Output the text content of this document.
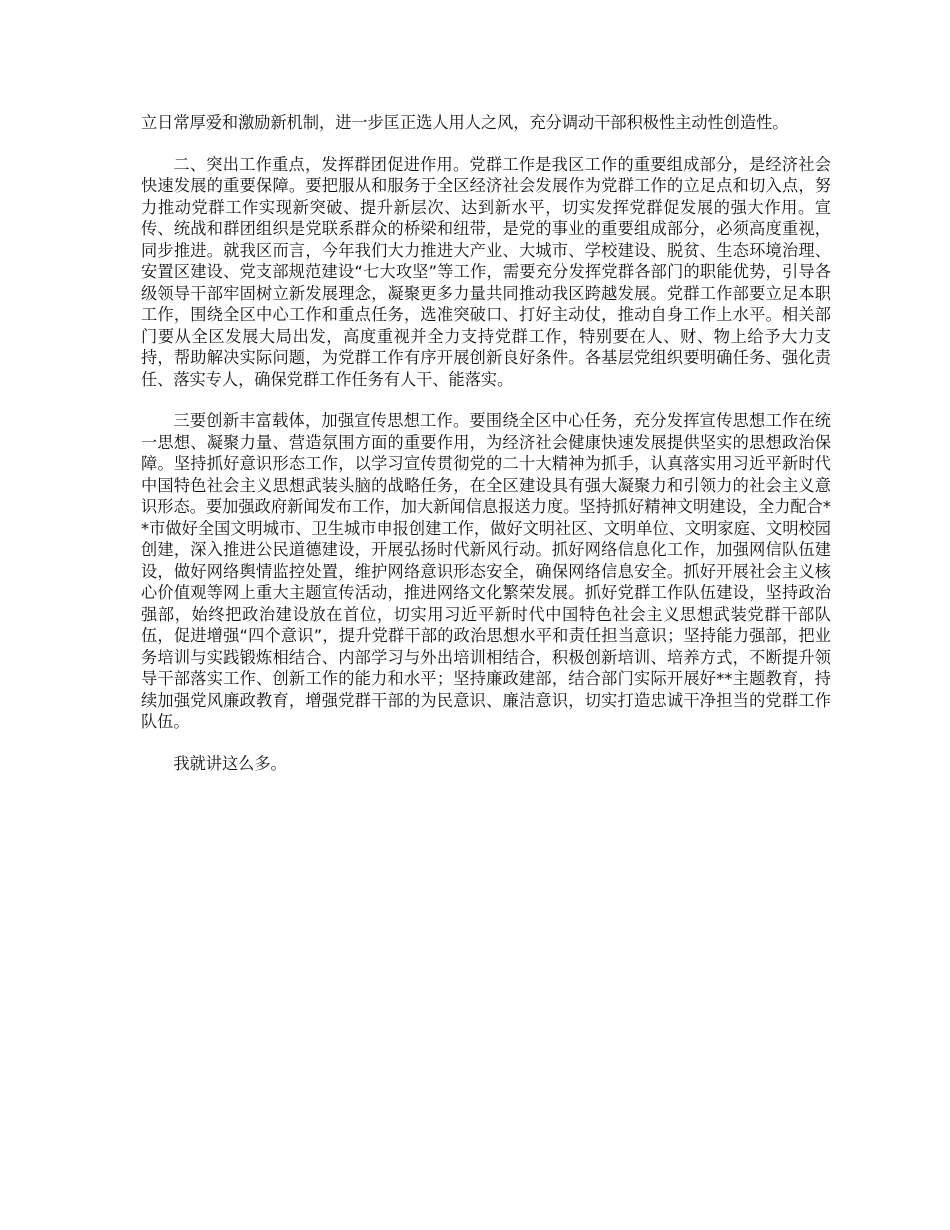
立日常厚爱和激励新机制，进一步匡正选人用人之风，充分调动干部积极性主动性创造性。

二、突出工作重点，发挥群团促进作用。党群工作是我区工作的重要组成部分，是经济社会快速发展的重要保障。要把服从和服务于全区经济社会发展作为党群工作的立足点和切入点，努力推动党群工作实现新突破、提升新层次、达到新水平，切实发挥党群促发展的强大作用。宣传、统战和群团组织是党联系群众的桥梁和纽带，是党的事业的重要组成部分，必须高度重视，同步推进。就我区而言，今年我们大力推进大产业、大城市、学校建设、脱贫、生态环境治理、安置区建设、党支部规范建设“七大攻坚”等工作，需要充分发挥党群各部门的职能优势，引导各级领导干部牢固树立新发展理念，凝聚更多力量共同推动我区跨越发展。党群工作部要立足本职工作，围绕全区中心工作和重点任务，选准突破口、打好主动仗，推动自身工作上水平。相关部门要从全区发展大局出发，高度重视并全力支持党群工作，特别要在人、财、物上给予大力支持，帮助解决实际问题，为党群工作有序开展创新良好条件。各基层党组织要明确任务、强化责任、落实专人，确保党群工作任务有人干、能落实。

三要创新丰富载体，加强宣传思想工作。要围绕全区中心任务，充分发挥宣传思想工作在统一思想、凝聚力量、营造氛围方面的重要作用，为经济社会健康快速发展提供坚实的思想政治保障。坚持抓好意识形态工作，以学习宣传贯彻党的二十大精神为抓手，认真落实用习近平新时代中国特色社会主义思想武装头脑的战略任务，在全区建设具有强大凝聚力和引领力的社会主义意识形态。要加强政府新闻发布工作，加大新闻信息报送力度。坚持抓好精神文明建设，全力配合**市做好全国文明城市、卫生城市申报创建工作，做好文明社区、文明单位、文明家庭、文明校园创建，深入推进公民道德建设，开展弘扬时代新风行动。抓好网络信息化工作，加强网信队伍建设，做好网络舆情监控处置，维护网络意识形态安全，确保网络信息安全。抓好开展社会主义核心价值观等网上重大主题宣传活动，推进网络文化繁荣发展。抓好党群工作队伍建设，坚持政治强部，始终把政治建设放在首位，切实用习近平新时代中国特色社会主义思想武装党群干部队伍，促进增强“四个意识”，提升党群干部的政治思想水平和责任担当意识；坚持能力强部，把业务培训与实践锻炼相结合、内部学习与外出培训相结合，积极创新培训、培养方式，不断提升领导干部落实工作、创新工作的能力和水平；坚持廉政建部，结合部门实际开展好**主题教育，持续加强党风廉政教育，增强党群干部的为民意识、廉洁意识，切实打造忠诚干净担当的党群工作队伍。

我就讲这么多。
